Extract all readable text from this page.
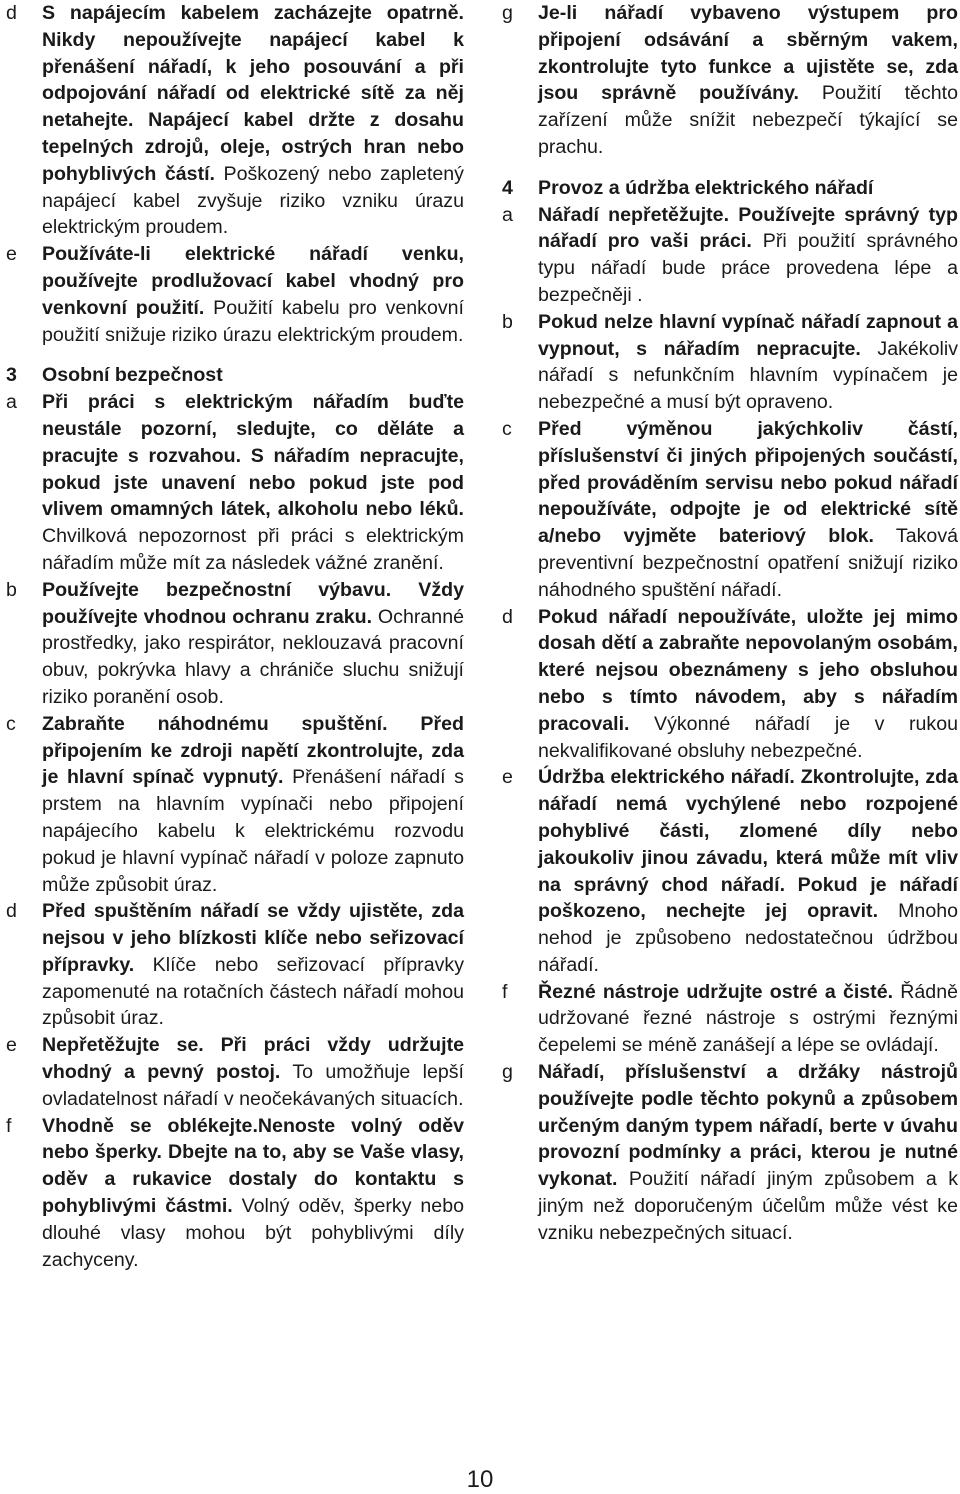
d	S napájecím kabelem zacházejte opatrně. Nikdy nepoužívejte napájecí kabel k přenášení nářadí, k jeho posouvání a při odpojování nářadí od elektrické sítě za něj netahejte. Napájecí kabel držte z dosahu tepelných zdrojů, oleje, ostrých hran nebo pohyblivých částí. Poškozený nebo zapletený napájecí kabel zvyšuje riziko vzniku úrazu elektrickým proudem.
e	Používáte-li elektrické nářadí venku, používejte prodlužovací kabel vhodný pro venkovní použití. Použití kabelu pro venkovní použití snižuje riziko úrazu elektrickým proudem.
3	Osobní bezpečnost
a	Při práci s elektrickým nářadím buďte neustále pozorní, sledujte, co děláte a pracujte s rozvahou. S nářadím nepracujte, pokud jste unavení nebo pokud jste pod vlivem omamných látek, alkoholu nebo léků. Chvilková nepozornost při práci s elektrickým nářadím může mít za následek vážné zranění.
b	Používejte bezpečnostní výbavu. Vždy používejte vhodnou ochranu zraku. Ochranné prostředky, jako respirátor, neklouzavá pracovní obuv, pokrývka hlavy a chrániče sluchu snižují riziko poranění osob.
c	Zabraňte náhodnému spuštění. Před připojením ke zdroji napětí zkontrolujte, zda je hlavní spínač vypnutý. Přenášení nářadí s prstem na hlavním vypínači nebo připojení napájecího kabelu k elektrickému rozvodu pokud je hlavní vypínač nářadí v poloze zapnuto může způsobit úraz.
d	Před spuštěním nářadí se vždy ujistěte, zda nejsou v jeho blízkosti klíče nebo seřizovací přípravky. Klíče nebo seřizovací přípravky zapomenuté na rotačních částech nářadí mohou způsobit úraz.
e	Nepřetěžujte se. Při práci vždy udržujte vhodný a pevný postoj. To umožňuje lepší ovladatelnost nářadí v neočekávaných situacích.
f	Vhodně se oblékejte.Nenoste volný oděv nebo šperky. Dbejte na to, aby se Vaše vlasy, oděv a rukavice dostaly do kontaktu s pohyblivými částmi. Volný oděv, šperky nebo dlouhé vlasy mohou být pohyblivými díly zachyceny.
g	Je-li nářadí vybaveno výstupem pro připojení odsávání a sběrným vakem, zkontrolujte tyto funkce a ujistěte se, zda jsou správně používány. Použití těchto zařízení může snížit nebezpečí týkající se prachu.
4	Provoz a údržba elektrického nářadí
a	Nářadí nepřetěžujte. Používejte správný typ nářadí pro vaši práci. Při použití správného typu nářadí bude práce provedena lépe a bezpečněji .
b	Pokud nelze hlavní vypínač nářadí zapnout a vypnout, s nářadím nepracujte. Jakékoliv nářadí s nefunkčním hlavním vypínačem je nebezpečné a musí být opraveno.
c	Před výměnou jakýchkoliv částí, příslušenství či jiných připojených součástí, před prováděním servisu nebo pokud nářadí nepoužíváte, odpojte je od elektrické sítě a/nebo vyjměte bateriový blok. Taková preventivní bezpečnostní opatření snižují riziko náhodného spuštění nářadí.
d	Pokud nářadí nepoužíváte, uložte jej mimo dosah dětí a zabraňte nepovolaným osobám, které nejsou obeznámeny s jeho obsluhou nebo s tímto návodem, aby s nářadím pracovali. Výkonné nářadí je v rukou nekvalifikované obsluhy nebezpečné.
e	Údržba elektrického nářadí. Zkontrolujte, zda nářadí nemá vychýlené nebo rozpojené pohyblivé části, zlomené díly nebo jakoukoliv jinou závadu, která může mít vliv na správný chod nářadí. Pokud je nářadí poškozeno, nechejte jej opravit. Mnoho nehod je způsobeno nedostatečnou údržbou nářadí.
f	Řezné nástroje udržujte ostré a čisté. Řádně udržované řezné nástroje s ostrými řeznými čepelemi se méně zanášejí a lépe se ovládají.
g	Nářadí, příslušenství a držáky nástrojů používejte podle těchto pokynů a způsobem určeným daným typem nářadí, berte v úvahu provozní podmínky a práci, kterou je nutné vykonat. Použití nářadí jiným způsobem a k jiným než doporučeným účelům může vést ke vzniku nebezpečných situací.
10
